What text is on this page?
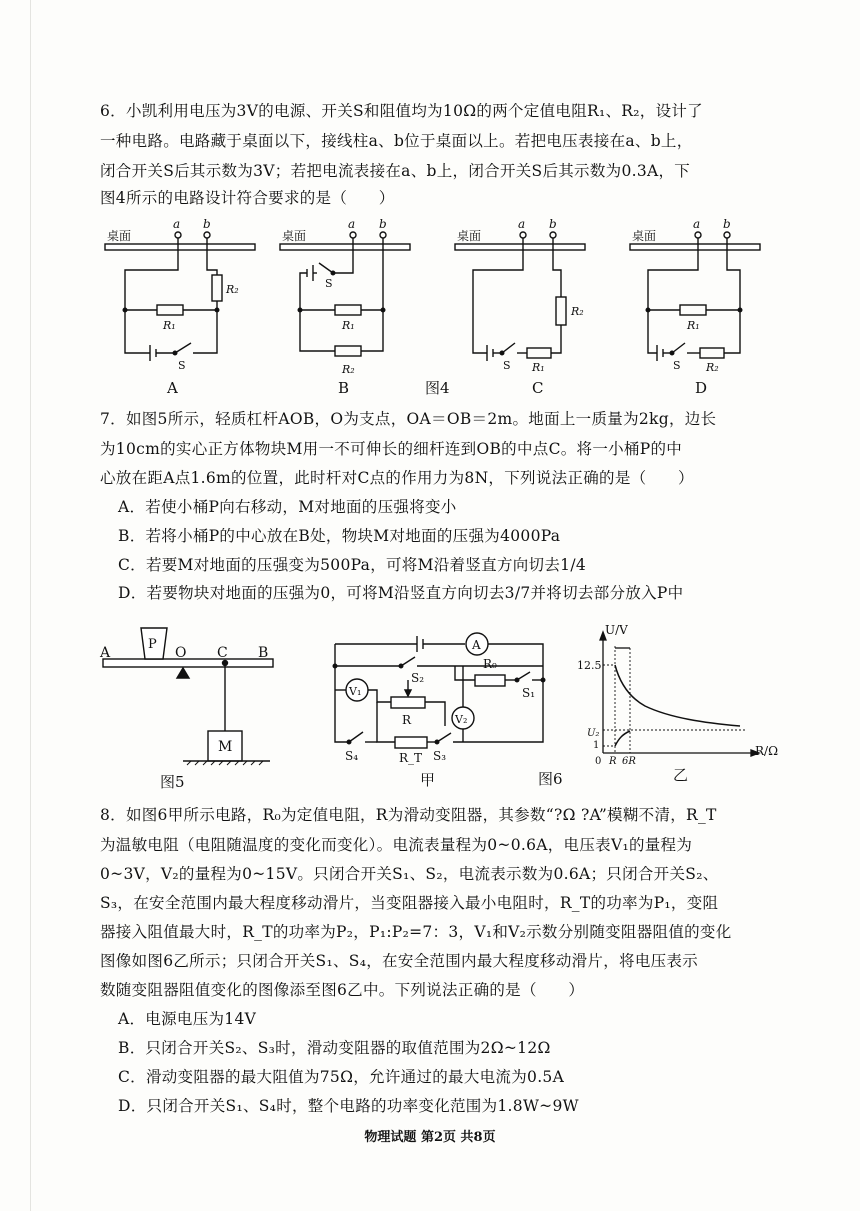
6．小凯利用电压为3V的电源、开关S和阻值均为10Ω的两个定值电阻R₁、R₂，设计了
一种电路。电路藏于桌面以下，接线柱a、b位于桌面以上。若把电压表接在a、b上，
闭合开关S后其示数为3V；若把电流表接在a、b上，闭合开关S后其示数为0.3A，下
图4所示的电路设计符合要求的是（　　）
桌面
a b
S
R₂
R₁
A
桌面
a b
S
R₁
R₂
B	图4
桌面
a b
S R₁
R₂
C
桌面
a b
S R₂
R₁
D
7．如图5所示，轻质杠杆AOB，O为支点，OA＝OB＝2m。地面上一质量为2kg，边长
为10cm的实心正方体物块M用一不可伸长的细杆连到OB的中点C。将一小桶P的中
心放在距A点1.6m的位置，此时杆对C点的作用力为8N，下列说法正确的是（　　）
A．若使小桶P向右移动，M对地面的压强将变小
B．若将小桶P的中心放在B处，物块M对地面的压强为4000Pa
C．若要M对地面的压强变为500Pa，可将M沿着竖直方向切去1/4
D．若要物块对地面的压强为0，可将M沿竖直方向切去3/7并将切去部分放入P中
A	O C B
P
M
图5
A
S₂
R₀
S₁
V₁
R	V₂
R_T S₃
S₄
甲	图6
U/V
R/Ω
12.5
U₂
1
0 R 6R
乙
8．如图6甲所示电路，R₀为定值电阻，R为滑动变阻器，其参数“?Ω ?A”模糊不清，R_T
为温敏电阻（电阻随温度的变化而变化）。电流表量程为0~0.6A，电压表V₁的量程为
0~3V，V₂的量程为0~15V。只闭合开关S₁、S₂，电流表示数为0.6A；只闭合开关S₂、
S₃，在安全范围内最大程度移动滑片，当变阻器接入最小电阻时，R_T的功率为P₁，变阻
器接入阻值最大时，R_T的功率为P₂，P₁:P₂=7：3，V₁和V₂示数分别随变阻器阻值的变化
图像如图6乙所示；只闭合开关S₁、S₄，在安全范围内最大程度移动滑片，将电压表示
数随变阻器阻值变化的图像添至图6乙中。下列说法正确的是（　　）
A．电源电压为14V
B．只闭合开关S₂、S₃时，滑动变阻器的取值范围为2Ω~12Ω
C．滑动变阻器的最大阻值为75Ω，允许通过的最大电流为0.5A
D．只闭合开关S₁、S₄时，整个电路的功率变化范围为1.8W~9W
物理试题 第2页 共8页
